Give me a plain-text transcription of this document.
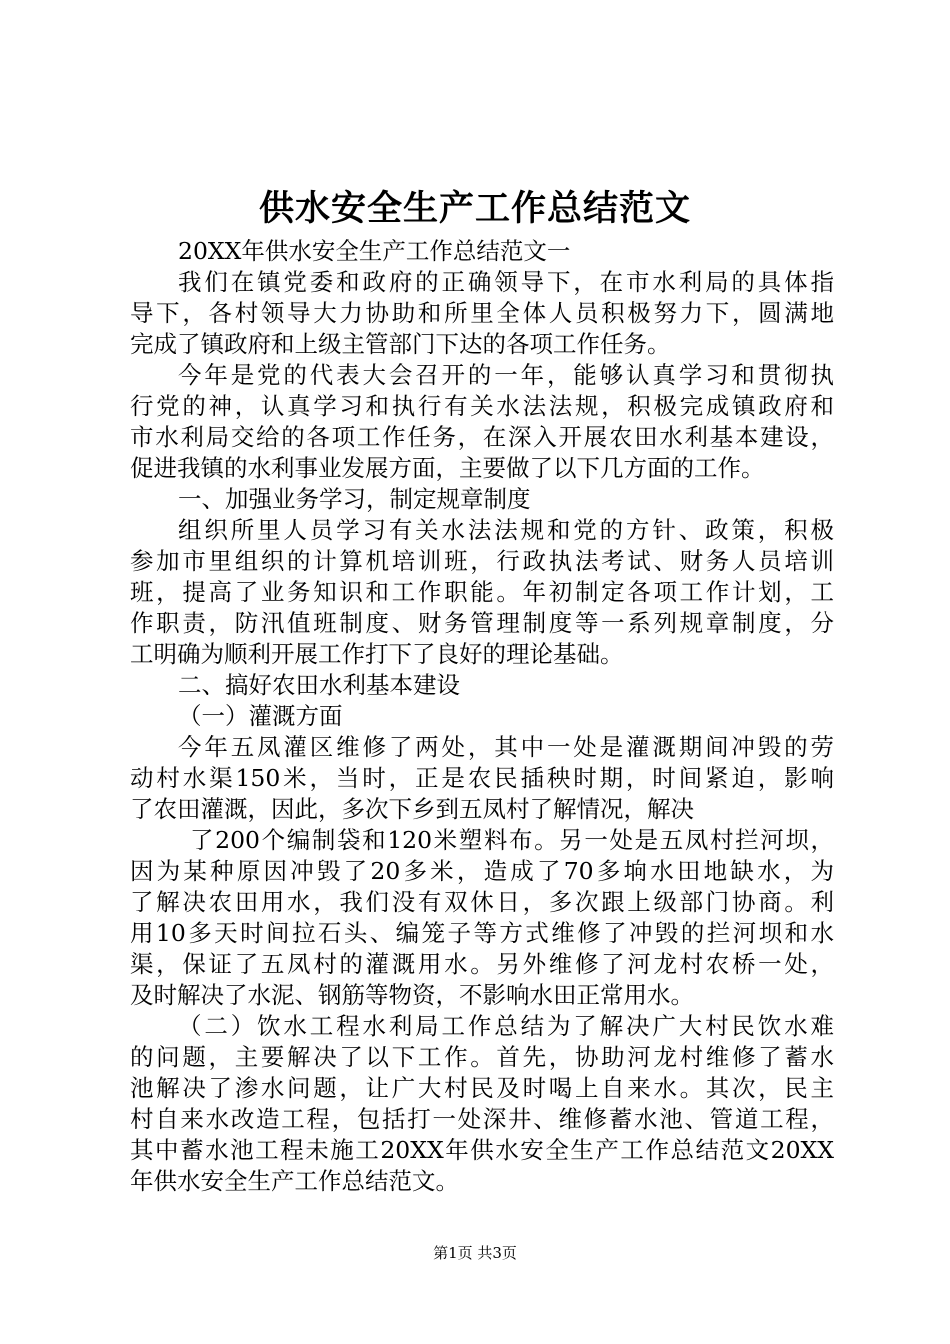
供水安全生产工作总结范文
20XX年供水安全生产工作总结范文一
我们在镇党委和政府的正确领导下，在市水利局的具体指
导下，各村领导大力协助和所里全体人员积极努力下，圆满地
完成了镇政府和上级主管部门下达的各项工作任务。
今年是党的代表大会召开的一年，能够认真学习和贯彻执
行党的神，认真学习和执行有关水法法规，积极完成镇政府和
市水利局交给的各项工作任务，在深入开展农田水利基本建设，
促进我镇的水利事业发展方面，主要做了以下几方面的工作。
一、加强业务学习，制定规章制度
组织所里人员学习有关水法法规和党的方针、政策，积极
参加市里组织的计算机培训班，行政执法考试、财务人员培训
班，提高了业务知识和工作职能。年初制定各项工作计划，工
作职责，防汛值班制度、财务管理制度等一系列规章制度，分
工明确为顺利开展工作打下了良好的理论基础。
二、搞好农田水利基本建设
（一）灌溉方面
今年五凤灌区维修了两处，其中一处是灌溉期间冲毁的劳
动村水渠150米，当时，正是农民插秧时期，时间紧迫，影响
了农田灌溉，因此，多次下乡到五凤村了解情况，解决
了200个编制袋和120米塑料布。另一处是五凤村拦河坝，
因为某种原因冲毁了20多米，造成了70多垧水田地缺水，为
了解决农田用水，我们没有双休日，多次跟上级部门协商。利
用10多天时间拉石头、编笼子等方式维修了冲毁的拦河坝和水
渠，保证了五凤村的灌溉用水。另外维修了河龙村农桥一处，
及时解决了水泥、钢筋等物资，不影响水田正常用水。
（二）饮水工程水利局工作总结为了解决广大村民饮水难
的问题，主要解决了以下工作。首先，协助河龙村维修了蓄水
池解决了渗水问题，让广大村民及时喝上自来水。其次，民主
村自来水改造工程，包括打一处深井、维修蓄水池、管道工程，
其中蓄水池工程未施工20XX年供水安全生产工作总结范文20XX
年供水安全生产工作总结范文。
第1页 共3页
